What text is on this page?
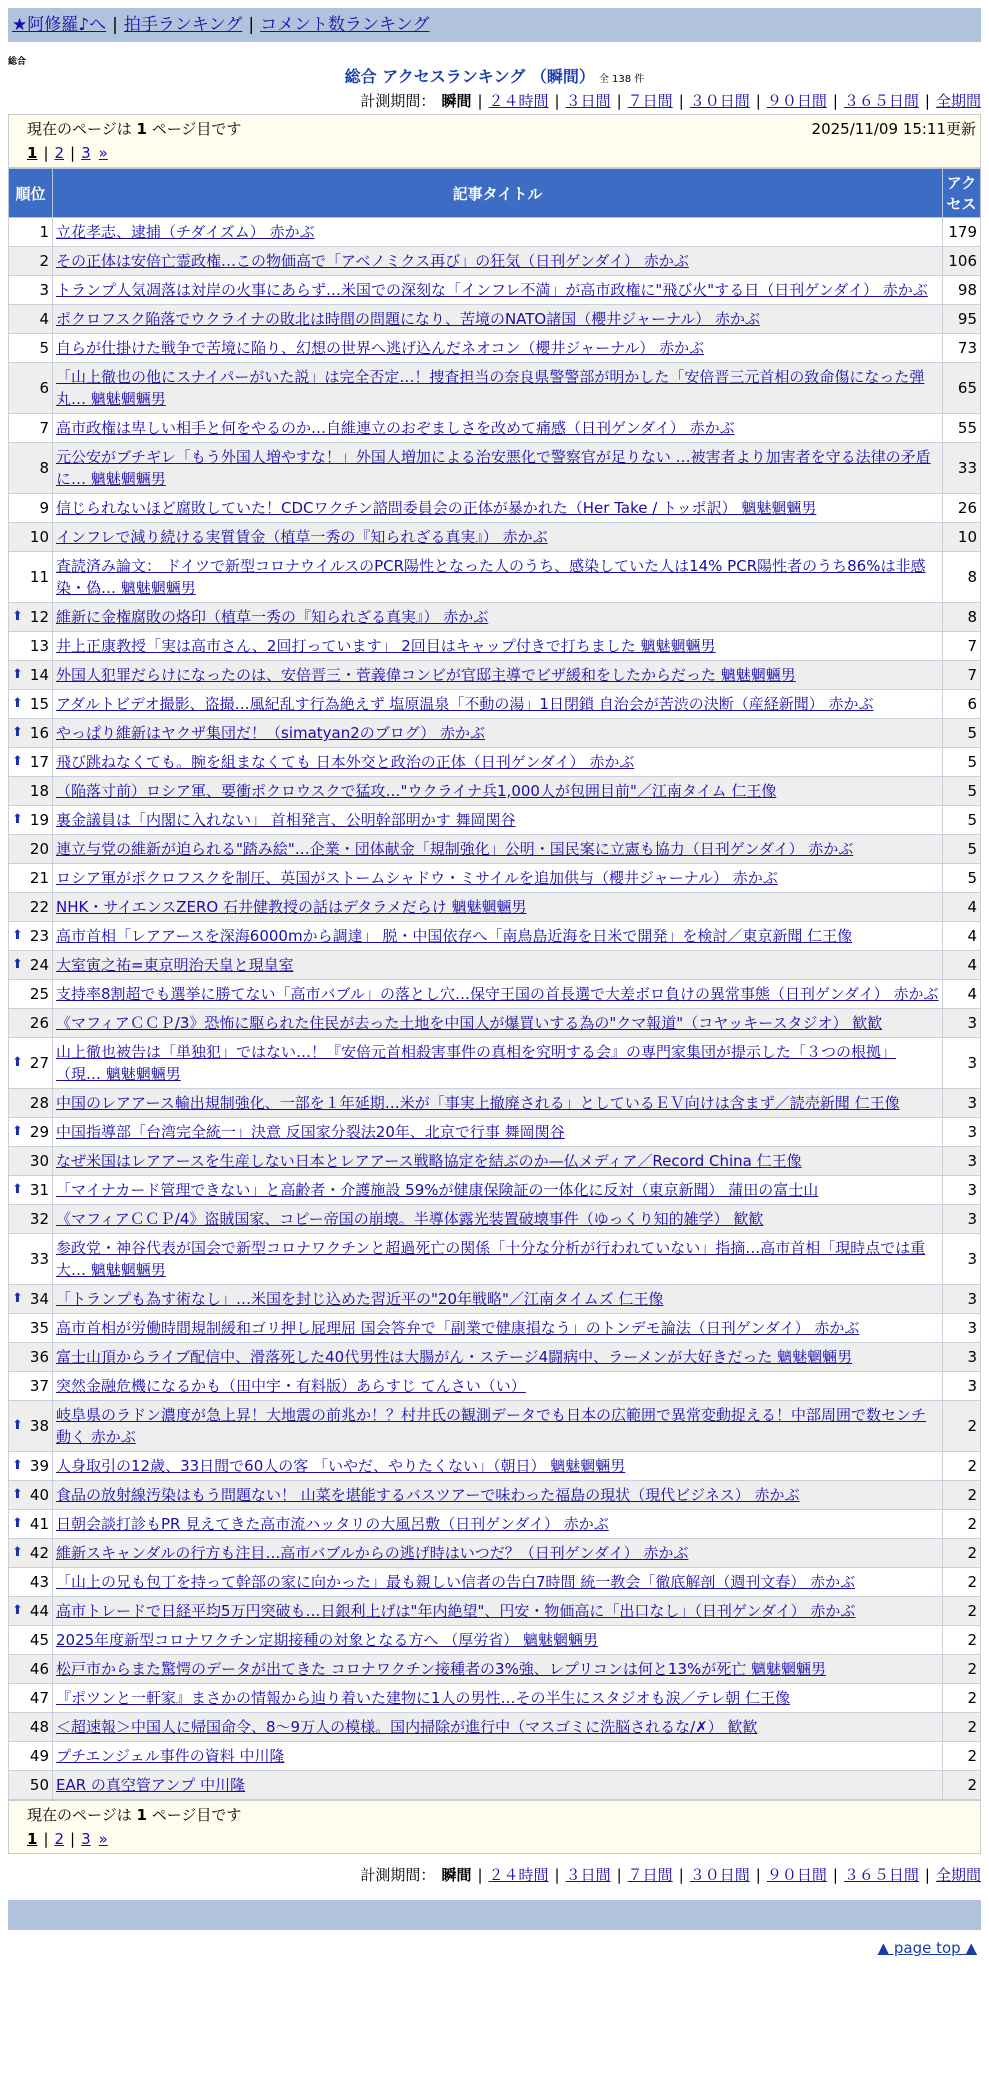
★阿修羅♪へ | 拍手ランキング | コメント数ランキング
総合
総合 アクセスランキング （瞬間） 全 138 件
計測期間： 瞬間 | ２４時間 | ３日間 | ７日間 | ３０日間 | ９０日間 | ３６５日間 | 全期間
現在のページは 1 ページ目です	2025/11/09 15:11更新
1 | 2 | 3 »
順位	記事タイトル	アクセス
1	立花孝志、逮捕（チダイズム） 赤かぶ	179
2	その正体は安倍亡霊政権…この物価高で「アベノミクス再び」の狂気（日刊ゲンダイ） 赤かぶ	106
3	トランプ人気凋落は対岸の火事にあらず…米国での深刻な「インフレ不満」が高市政権に"飛び火"する日（日刊ゲンダイ） 赤かぶ	98
4	ポクロフスク陥落でウクライナの敗北は時間の問題になり、苦境のNATO諸国（櫻井ジャーナル） 赤かぶ	95
5	自らが仕掛けた戦争で苦境に陥り、幻想の世界へ逃げ込んだネオコン（櫻井ジャーナル） 赤かぶ	73
6	「山上徹也の他にスナイパーがいた説」は完全否定…！捜査担当の奈良県警警部が明かした「安倍晋三元首相の致命傷になった弾丸… 魑魅魍魎男	65
7	高市政権は卑しい相手と何をやるのか…自維連立のおぞましさを改めて痛感（日刊ゲンダイ） 赤かぶ	55
8	元公安がブチギレ「もう外国人増やすな！」外国人増加による治安悪化で警察官が足りない …被害者より加害者を守る法律の矛盾に… 魑魅魍魎男	33
9	信じられないほど腐敗していた！CDCワクチン諮問委員会の正体が暴かれた（Her Take / トッポ訳） 魑魅魍魎男	26
10	インフレで減り続ける実質賃金（植草一秀の『知られざる真実』） 赤かぶ	10
11	査読済み論文： ドイツで新型コロナウイルスのPCR陽性となった人のうち、感染していた人は14% PCR陽性者のうち86%は非感染・偽… 魑魅魍魎男	8

⬆ 12	維新に金権腐敗の烙印（植草一秀の『知られざる真実』） 赤かぶ	8
13	井上正康教授「実は高市さん、2回打っています」 2回目はキャップ付きで打ちました 魑魅魍魎男	7

⬆ 14	外国人犯罪だらけになったのは、安倍晋三・菅義偉コンビが官邸主導でビザ緩和をしたからだった 魑魅魍魎男	7

⬆ 15	アダルトビデオ撮影、盗撮…風紀乱す行為絶えず 塩原温泉「不動の湯」1日閉鎖 自治会が苦渋の決断（産経新聞） 赤かぶ	6

⬆ 16	やっぱり維新はヤクザ集団だ！（simatyan2のブログ） 赤かぶ	5

⬆ 17	飛び跳ねなくても。腕を組まなくても 日本外交と政治の正体（日刊ゲンダイ） 赤かぶ	5
18	（陥落寸前）ロシア軍、要衝ポクロウスクで猛攻…"ウクライナ兵1,000人が包囲目前"／江南タイム 仁王像	5

⬆ 19	裏金議員は「内閣に入れない」 首相発言、公明幹部明かす 舞岡関谷	5
20	連立与党の維新が迫られる"踏み絵"…企業・団体献金「規制強化」公明・国民案に立憲も協力（日刊ゲンダイ） 赤かぶ	5
21	ロシア軍がポクロフスクを制圧、英国がストームシャドウ・ミサイルを追加供与（櫻井ジャーナル） 赤かぶ	5
22	NHK・サイエンスZERO 石井健教授の話はデタラメだらけ 魑魅魍魎男	4

⬆ 23	高市首相「レアアースを深海6000mから調達」 脱・中国依存へ「南鳥島近海を日米で開発」を検討／東京新聞 仁王像	4

⬆ 24	大室寅之祐=東京明治天皇と現皇室	4
25	支持率8割超でも選挙に勝てない「高市バブル」の落とし穴…保守王国の首長選で大差ボロ負けの異常事態（日刊ゲンダイ） 赤かぶ	4
26	《マフィアＣＣＰ/3》恐怖に駆られた住民が去った土地を中国人が爆買いする為の"クマ報道"（コヤッキースタジオ） 歓歓	3

⬆ 27	山上徹也被告は「単独犯」ではない…！『安倍元首相殺害事件の真相を究明する会』の専門家集団が提示した「３つの根拠」 （現… 魑魅魍魎男	3
28	中国のレアアース輸出規制強化、一部を１年延期…米が「事実上撤廃される」としているＥＶ向けは含まず／読売新聞 仁王像	3

⬆ 29	中国指導部「台湾完全統一」決意 反国家分裂法20年、北京で行事 舞岡関谷	3
30	なぜ米国はレアアースを生産しない日本とレアアース戦略協定を結ぶのか—仏メディア／Record China 仁王像	3

⬆ 31	「マイナカード管理できない」と高齢者・介護施設 59%が健康保険証の一体化に反対（東京新聞） 蒲田の富士山	3
32	《マフィアＣＣＰ/4》盗賊国家、コピー帝国の崩壊。半導体露光装置破壊事件（ゆっくり知的雑学） 歓歓	3
33	参政党・神谷代表が国会で新型コロナワクチンと超過死亡の関係「十分な分析が行われていない」指摘…高市首相「現時点では重大… 魑魅魍魎男	3

⬆ 34	「トランプも為す術なし」…米国を封じ込めた習近平の"20年戦略"／江南タイムズ 仁王像	3
35	高市首相が労働時間規制緩和ゴリ押し屁理屈 国会答弁で「副業で健康損なう」のトンデモ論法（日刊ゲンダイ） 赤かぶ	3
36	富士山頂からライブ配信中、滑落死した40代男性は大腸がん・ステージ4闘病中、ラーメンが大好きだった 魑魅魍魎男	3
37	突然金融危機になるかも（田中宇・有料版）あらすじ てんさい（い）	3

⬆ 38	岐阜県のラドン濃度が急上昇！大地震の前兆か！？村井氏の観測データでも日本の広範囲で異常変動捉える！中部周囲で数センチ動く 赤かぶ	2

⬆ 39	人身取引の12歳、33日間で60人の客 「いやだ、やりたくない」（朝日） 魑魅魍魎男	2

⬆ 40	食品の放射線汚染はもう問題ない！ 山菜を堪能するバスツアーで味わった福島の現状（現代ビジネス） 赤かぶ	2

⬆ 41	日朝会談打診もPR 見えてきた高市流ハッタリの大風呂敷（日刊ゲンダイ） 赤かぶ	2

⬆ 42	維新スキャンダルの行方も注目…高市バブルからの逃げ時はいつだ？（日刊ゲンダイ） 赤かぶ	2
43	「山上の兄も包丁を持って幹部の家に向かった」最も親しい信者の告白7時間 統一教会「徹底解剖（週刊文春） 赤かぶ	2

⬆ 44	高市トレードで日経平均5万円突破も…日銀利上げは"年内絶望"、円安・物価高に「出口なし」（日刊ゲンダイ） 赤かぶ	2
45	2025年度新型コロナワクチン定期接種の対象となる方へ （厚労省） 魑魅魍魎男	2
46	松戸市からまた驚愕のデータが出てきた コロナワクチン接種者の3%強、レプリコンは何と13%が死亡 魑魅魍魎男	2
47	『ポツンと一軒家』まさかの情報から辿り着いた建物に1人の男性…その半生にスタジオも涙／テレ朝 仁王像	2
48	＜超速報＞中国人に帰国命令、8～9万人の模様。国内掃除が進行中（マスゴミに洗脳されるな/✗） 歓歓	2
49	プチエンジェル事件の資料 中川隆	2
50	EAR の真空管アンプ 中川隆	2
現在のページは 1 ページ目です
1 | 2 | 3 »
計測期間： 瞬間 | ２４時間 | ３日間 | ７日間 | ３０日間 | ９０日間 | ３６５日間 | 全期間
▲ page top ▲
